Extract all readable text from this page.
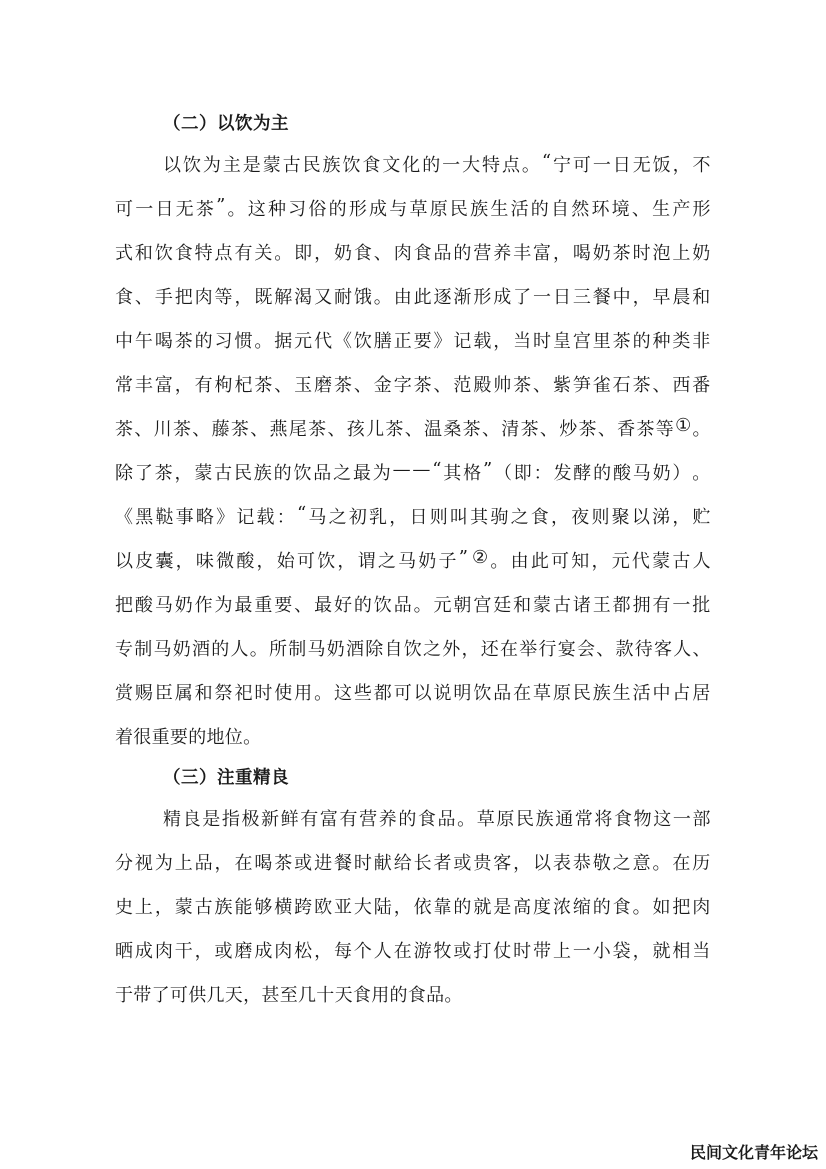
（二）以饮为主
以 饮 为 主 是 蒙 古 民 族 饮 食 文 化 的 一 大 特 点 。 “ 宁 可 一 日 无 饭 ， 不
可 一 日 无 茶 ” 。 这 种 习 俗 的 形 成 与 草 原 民 族 生 活 的 自 然 环 境 、 生 产 形
式 和 饮 食 特 点 有 关 。 即 ， 奶 食 、 肉 食 品 的 营 养 丰 富 ， 喝 奶 茶 时 泡 上 奶
食 、 手 把 肉 等 ， 既 解 渴 又 耐 饿 。 由 此 逐 渐 形 成 了 一 日 三 餐 中 ， 早 晨 和
中 午 喝 茶 的 习 惯 。 据 元 代 《 饮 膳 正 要 》 记 载 ， 当 时 皇 宫 里 茶 的 种 类 非
常 丰 富 ， 有 枸 杞 茶 、 玉 磨 茶 、 金 字 茶 、 范 殿 帅 茶 、 紫 笋 雀 石 茶 、 西 番
茶 、 川 茶 、 藤 茶 、 燕 尾 茶 、 孩 儿 茶 、 温 桑 茶 、 清 茶 、 炒 茶 、 香 茶 等 ① 。
除 了 茶 ， 蒙 古 民 族 的 饮 品 之 最 为 — — “ 其 格 ” （ 即 ： 发 酵 的 酸 马 奶 ） 。
《 黑 鞑 事 略 》 记 载 ： “ 马 之 初 乳 ， 日 则 叫 其 驹 之 食 ， 夜 则 聚 以 涕 ， 贮
以 皮 囊 ， 味 微 酸 ， 始 可 饮 ， 谓 之 马 奶 子 ” ② 。 由 此 可 知 ， 元 代 蒙 古 人
把 酸 马 奶 作 为 最 重 要 、 最 好 的 饮 品 。 元 朝 宫 廷 和 蒙 古 诸 王 都 拥 有 一 批
专 制 马 奶 酒 的 人 。 所 制 马 奶 酒 除 自 饮 之 外 ， 还 在 举 行 宴 会 、 款 待 客 人 、
赏 赐 臣 属 和 祭 祀 时 使 用 。 这 些 都 可 以 说 明 饮 品 在 草 原 民 族 生 活 中 占 居
着很重要的地位。
（三）注重精良
精 良 是 指 极 新 鲜 有 富 有 营 养 的 食 品 。 草 原 民 族 通 常 将 食 物 这 一 部
分 视 为 上 品 ， 在 喝 茶 或 进 餐 时 献 给 长 者 或 贵 客 ， 以 表 恭 敬 之 意 。 在 历
史 上 ， 蒙 古 族 能 够 横 跨 欧 亚 大 陆 ， 依 靠 的 就 是 高 度 浓 缩 的 食 。 如 把 肉
晒 成 肉 干 ， 或 磨 成 肉 松 ， 每 个 人 在 游 牧 或 打 仗 时 带 上 一 小 袋 ， 就 相 当
于带了可供几天，甚至几十天食用的食品。
民间文化青年论坛
